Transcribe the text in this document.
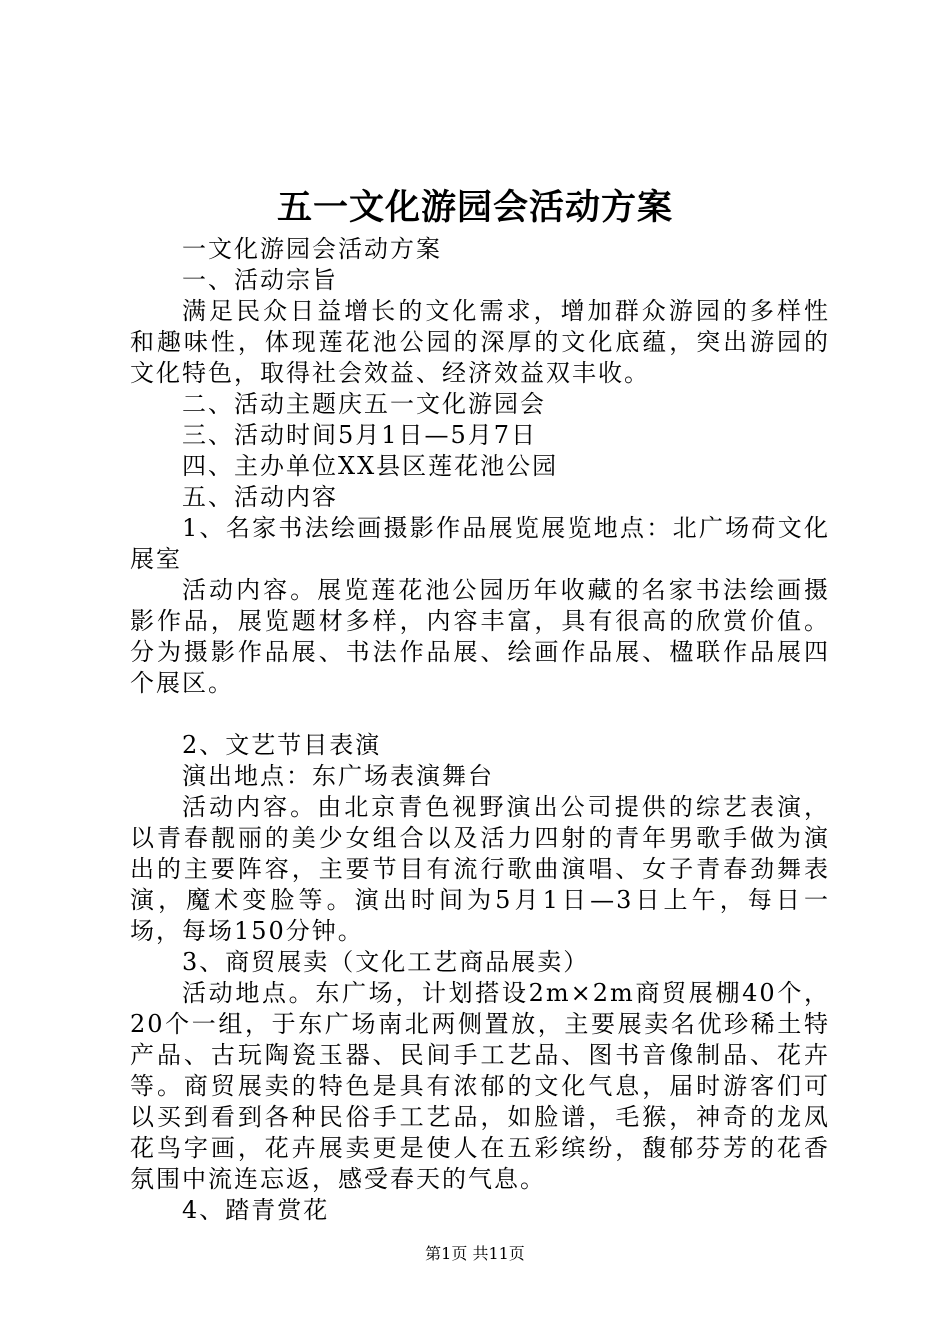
五一文化游园会活动方案

一文化游园会活动方案

一、活动宗旨

满足民众日益增长的文化需求，增加群众游园的多样性和趣味性，体现莲花池公园的深厚的文化底蕴，突出游园的文化特色，取得社会效益、经济效益双丰收。

二、活动主题庆五一文化游园会

三、活动时间5月1日—5月7日

四、主办单位XX县区莲花池公园

五、活动内容

1、名家书法绘画摄影作品展览展览地点：北广场荷文化展室

活动内容。展览莲花池公园历年收藏的名家书法绘画摄影作品，展览题材多样，内容丰富，具有很高的欣赏价值。分为摄影作品展、书法作品展、绘画作品展、楹联作品展四个展区。

2、文艺节目表演

演出地点：东广场表演舞台

活动内容。由北京青色视野演出公司提供的综艺表演，以青春靓丽的美少女组合以及活力四射的青年男歌手做为演出的主要阵容，主要节目有流行歌曲演唱、女子青春劲舞表演，魔术变脸等。演出时间为5月1日—3日上午，每日一场，每场150分钟。

3、商贸展卖（文化工艺商品展卖）

活动地点。东广场，计划搭设2m×2m商贸展棚40个，20个一组，于东广场南北两侧置放，主要展卖名优珍稀土特产品、古玩陶瓷玉器、民间手工艺品、图书音像制品、花卉等。商贸展卖的特色是具有浓郁的文化气息，届时游客们可以买到看到各种民俗手工艺品，如脸谱，毛猴，神奇的龙凤花鸟字画，花卉展卖更是使人在五彩缤纷，馥郁芬芳的花香氛围中流连忘返，感受春天的气息。

4、踏青赏花

第1页 共11页
